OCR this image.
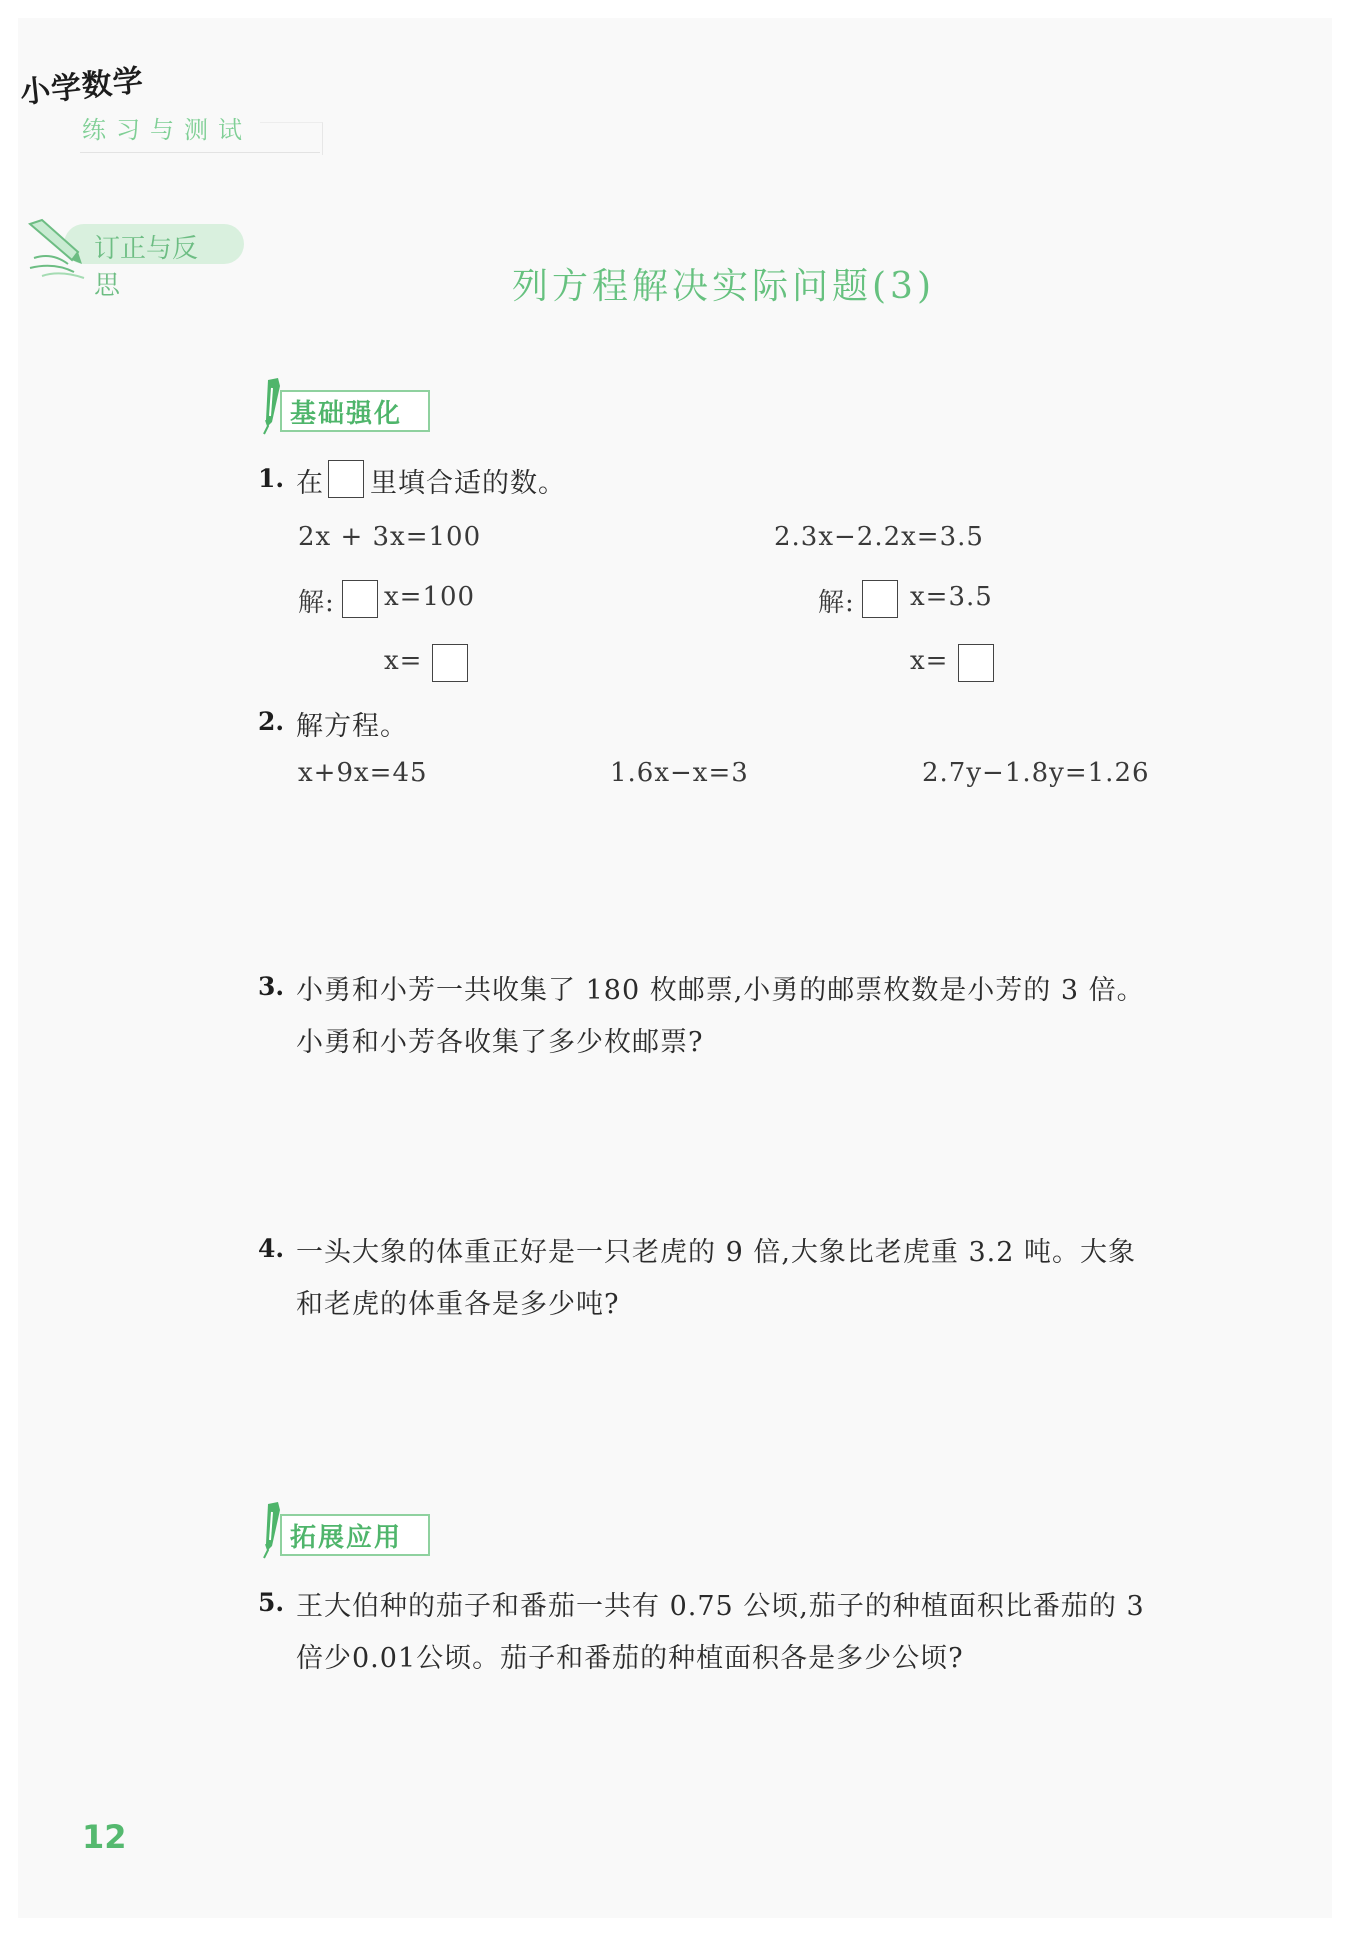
小学数学
练习与测试
订正与反思	列方程解决实际问题(3)
基础强化
1. 在 里填合适的数。
2x + 3x=100
解: x=100
x=
2.3x−2.2x=3.5
解: x=3.5
x=
2. 解方程。
x+9x=45	1.6x−x=3	2.7y−1.8y=1.26
3. 小勇和小芳一共收集了 180 枚邮票,小勇的邮票枚数是小芳的 3 倍。
小勇和小芳各收集了多少枚邮票?
4. 一头大象的体重正好是一只老虎的 9 倍,大象比老虎重 3.2 吨。大象
和老虎的体重各是多少吨?
拓展应用
5. 王大伯种的茄子和番茄一共有 0.75 公顷,茄子的种植面积比番茄的 3
倍少0.01公顷。茄子和番茄的种植面积各是多少公顷?
12
